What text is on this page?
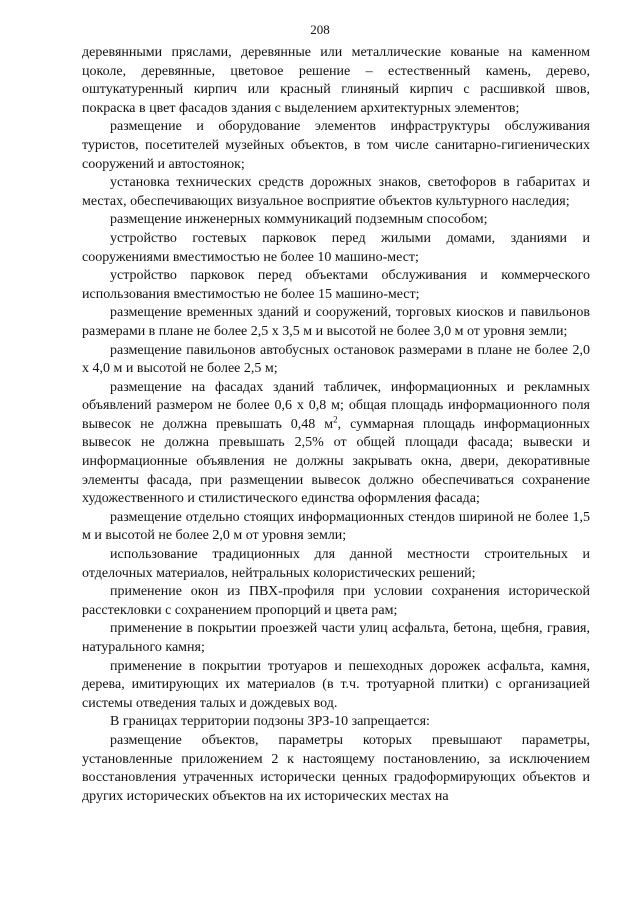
208

деревянными пряслами, деревянные или металлические кованые на каменном цоколе, деревянные, цветовое решение – естественный камень, дерево, оштукатуренный кирпич или красный глиняный кирпич с расшивкой швов, покраска в цвет фасадов здания с выделением архитектурных элементов;

размещение и оборудование элементов инфраструктуры обслуживания туристов, посетителей музейных объектов, в том числе санитарно-гигиенических сооружений и автостоянок;

установка технических средств дорожных знаков, светофоров в габаритах и местах, обеспечивающих визуальное восприятие объектов культурного наследия;

размещение инженерных коммуникаций подземным способом;

устройство гостевых парковок перед жилыми домами, зданиями и сооружениями вместимостью не более 10 машино-мест;

устройство парковок перед объектами обслуживания и коммерческого использования вместимостью не более 15 машино-мест;

размещение временных зданий и сооружений, торговых киосков и павильонов размерами в плане не более 2,5 х 3,5 м и высотой не более 3,0 м от уровня земли;

размещение павильонов автобусных остановок размерами в плане не более 2,0 х 4,0 м и высотой не более 2,5 м;

размещение на фасадах зданий табличек, информационных и рекламных объявлений размером не более 0,6 х 0,8 м; общая площадь информационного поля вывесок не должна превышать 0,48 $м^2$, суммарная площадь информационных вывесок не должна превышать 2,5% от общей площади фасада; вывески и информационные объявления не должны закрывать окна, двери, декоративные элементы фасада, при размещении вывесок должно обеспечиваться сохранение художественного и стилистического единства оформления фасада;

размещение отдельно стоящих информационных стендов шириной не более 1,5 м и высотой не более 2,0 м от уровня земли;

использование традиционных для данной местности строительных и отделочных материалов, нейтральных колористических решений;

применение окон из ПВХ-профиля при условии сохранения исторической расстекловки с сохранением пропорций и цвета рам;

применение в покрытии проезжей части улиц асфальта, бетона, щебня, гравия, натурального камня;

применение в покрытии тротуаров и пешеходных дорожек асфальта, камня, дерева, имитирующих их материалов (в т.ч. тротуарной плитки) с организацией системы отведения талых и дождевых вод.

В границах территории подзоны ЗРЗ-10 запрещается:

размещение объектов, параметры которых превышают параметры, установленные приложением 2 к настоящему постановлению, за исключением восстановления утраченных исторически ценных градоформирующих объектов и других исторических объектов на их исторических местах на
